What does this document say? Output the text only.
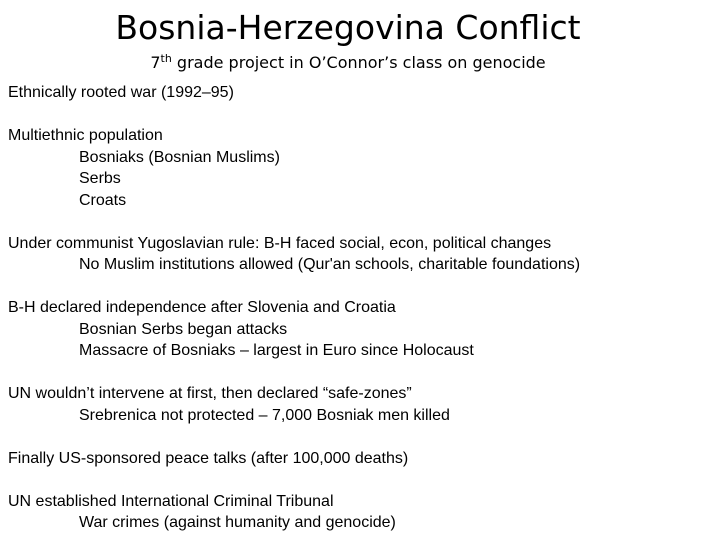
Bosnia-Herzegovina Conflict
7th grade project in O’Connor’s class on genocide
Ethnically rooted war (1992–95)
Multiethnic population
Bosniaks (Bosnian Muslims)
Serbs
Croats
Under communist Yugoslavian rule: B-H faced social, econ, political changes
No Muslim institutions allowed (Qur'an schools, charitable foundations)
B-H declared independence after Slovenia and Croatia
Bosnian Serbs began attacks
Massacre of Bosniaks – largest in Euro since Holocaust
UN wouldn’t intervene at first, then declared “safe-zones”
Srebrenica not protected – 7,000 Bosniak men killed
Finally US-sponsored peace talks (after 100,000 deaths)
UN established International Criminal Tribunal
War crimes (against humanity and genocide)
